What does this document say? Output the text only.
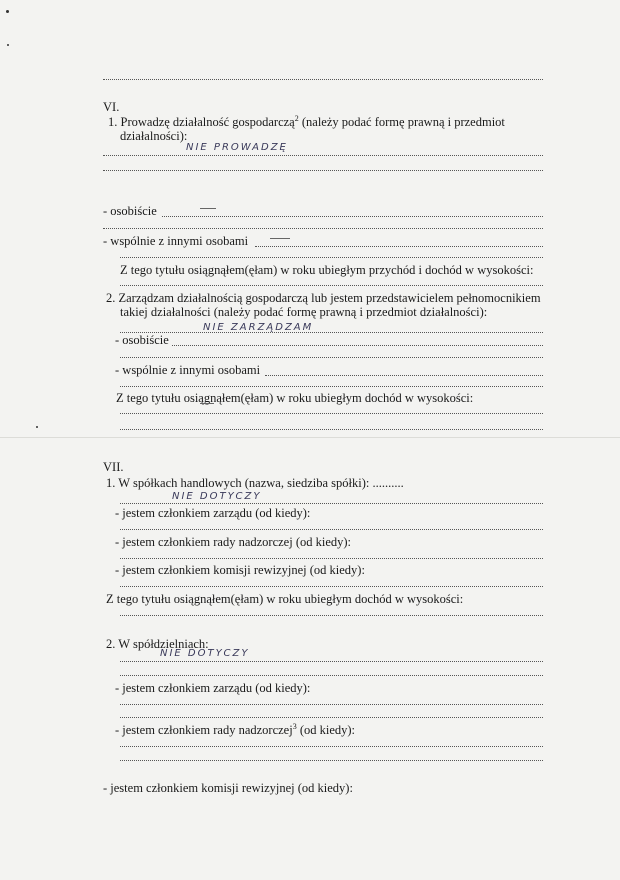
VI.
1. Prowadzę działalność gospodarczą$^2$ (należy podać formę prawną i przedmiot
działalności):
NIE PROWADZĘ
- osobiście
- wspólnie z innymi osobami
Z tego tytułu osiągnąłem(ęłam) w roku ubiegłym przychód i dochód w wysokości:
2. Zarządzam działalnością gospodarczą lub jestem przedstawicielem pełnomocnikiem
takiej działalności (należy podać formę prawną i przedmiot działalności):
NIE ZARZĄDZAM
- osobiście
- wspólnie z innymi osobami
Z tego tytułu osiągnąłem(ęłam) w roku ubiegłym dochód w wysokości:
VII.
1. W spółkach handlowych (nazwa, siedziba spółki): ..........
NIE DOTYCZY
- jestem członkiem zarządu (od kiedy):
- jestem członkiem rady nadzorczej (od kiedy):
- jestem członkiem komisji rewizyjnej (od kiedy):
Z tego tytułu osiągnąłem(ęłam) w roku ubiegłym dochód w wysokości:
2. W spółdzielniach:
NIE DOTYCZY
- jestem członkiem zarządu (od kiedy):
- jestem członkiem rady nadzorczej$^3$ (od kiedy):
- jestem członkiem komisji rewizyjnej (od kiedy):
